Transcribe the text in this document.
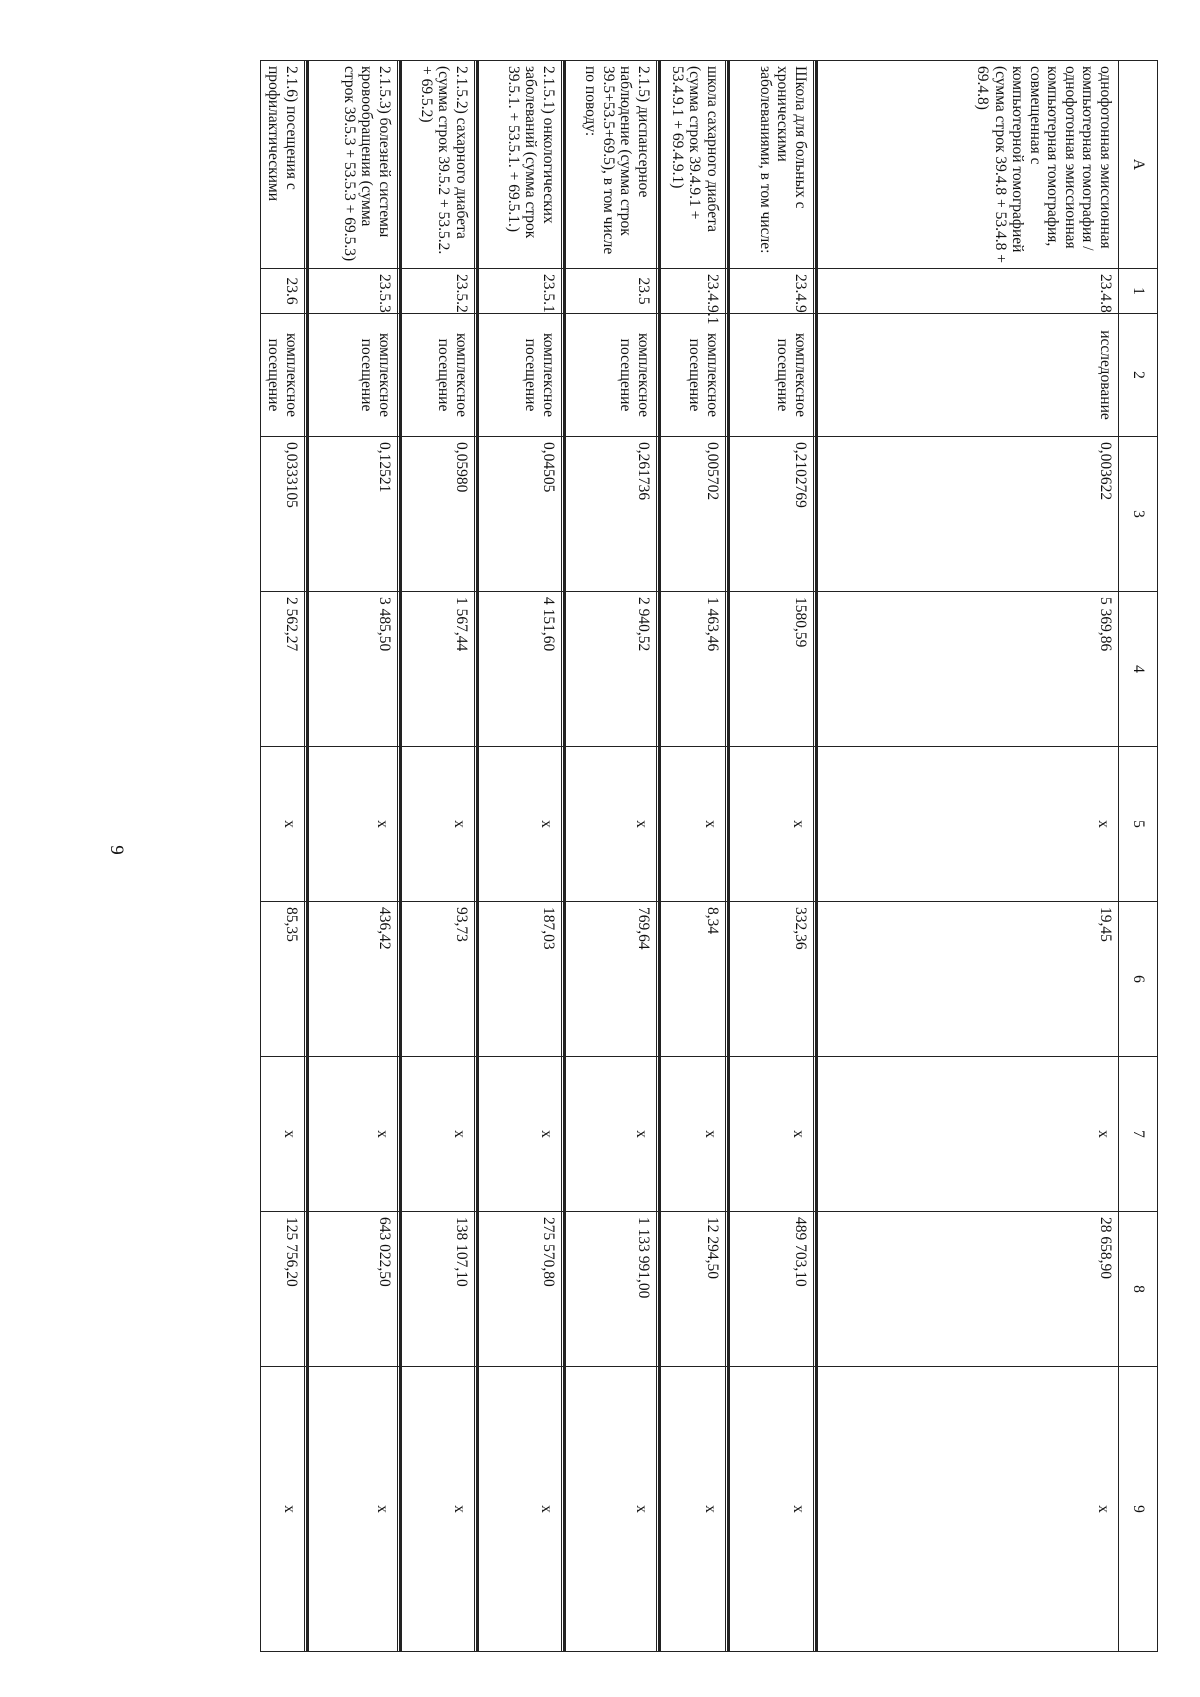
9
А	1	2	3	4	5	6	7	8	9
однофотонная эмиссионная компьютерная томография / однофотонная эмиссионная компьютерная томография, совмещенная с компьютерной томографией (сумма строк 39.4.8 + 53.4.8 + 69.4.8)	23.4.8	исследование	0,003622	5 369,86	x	19,45	x	28 658,90	x

Школа для больных с хроническими заболеваниями, в том числе:	23.4.9	комплексное посещение	0,2102769	1580,59	x	332,36	x	489 703,10	x

школа сахарного диабета (сумма строк 39.4.9.1 + 53.4.9.1 + 69.4.9.1)	23.4.9.1	комплексное посещение	0,005702	1 463,46	x	8,34	x	12 294,50	x

2.1.5) диспансерное наблюдение (сумма строк 39.5+53.5+69.5), в том числе по поводу:	23.5	комплексное посещение	0,261736	2 940,52	x	769,64	x	1 133 991,00	x

2.1.5.1) онкологических заболеваний (сумма строк 39.5.1. + 53.5.1. + 69.5.1.)	23.5.1	комплексное посещение	0,04505	4 151,60	x	187,03	x	275 570,80	x

2.1.5.2) сахарного диабета (сумма строк 39.5.2 + 53.5.2. + 69.5.2)	23.5.2	комплексное посещение	0,05980	1 567,44	x	93,73	x	138 107,10	x

2.1.5.3) болезней системы кровообращения (сумма строк 39.5.3 + 53.5.3 + 69.5.3)	23.5.3	комплексное посещение	0,12521	3 485,50	x	436,42	x	643 022,50	x

2.1.6) посещения с профилактическими	23.6	комплексное посещение	0,0333105	2 562,27	x	85,35	x	125 756,20	x
